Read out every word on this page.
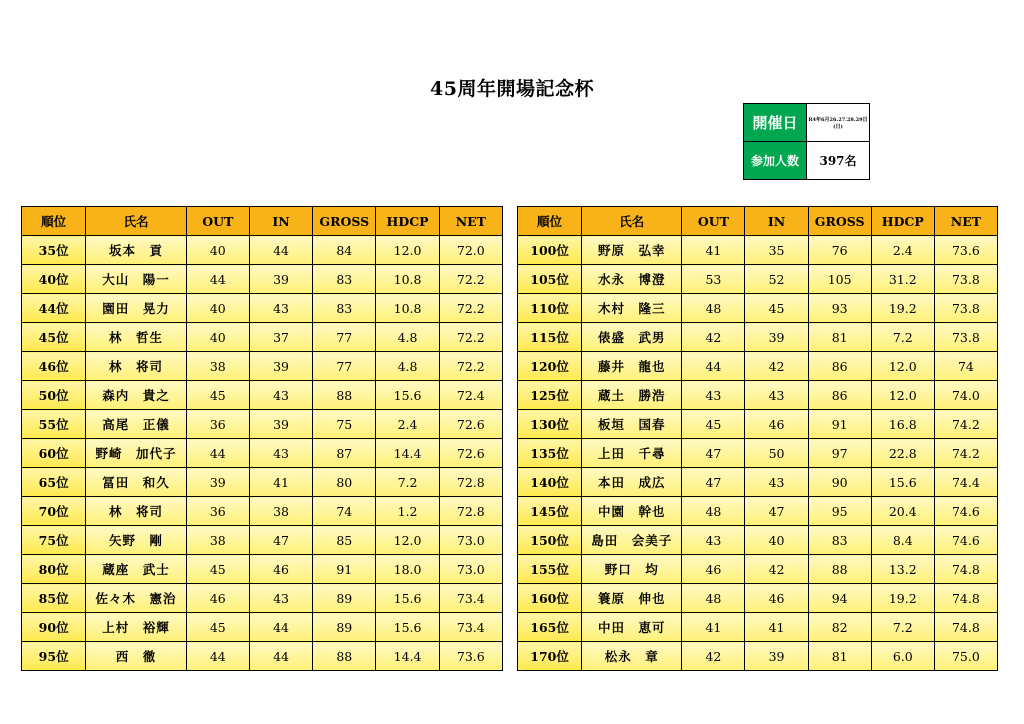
45周年開場記念杯
開催日	R4年6月26.27.28.29日(日)
参加人数	397名
順位	氏名	OUT	IN	GROSS	HDCP	NET
35位	坂本　貢	40	44	84	12.0	72.0
40位	大山　陽一	44	39	83	10.8	72.2
44位	園田　晃力	40	43	83	10.8	72.2
45位	林　哲生	40	37	77	4.8	72.2
46位	林　将司	38	39	77	4.8	72.2
50位	森内　貴之	45	43	88	15.6	72.4
55位	高尾　正儀	36	39	75	2.4	72.6
60位	野崎　加代子	44	43	87	14.4	72.6
65位	冨田　和久	39	41	80	7.2	72.8
70位	林　将司	36	38	74	1.2	72.8
75位	矢野　剛	38	47	85	12.0	73.0
80位	蔵座　武士	45	46	91	18.0	73.0
85位	佐々木　憲治	46	43	89	15.6	73.4
90位	上村　裕輝	45	44	89	15.6	73.4
95位	西　徹	44	44	88	14.4	73.6
順位	氏名	OUT	IN	GROSS	HDCP	NET
100位	野原　弘幸	41	35	76	2.4	73.6
105位	水永　博澄	53	52	105	31.2	73.8
110位	木村　隆三	48	45	93	19.2	73.8
115位	俵盛　武男	42	39	81	7.2	73.8
120位	藤井　龍也	44	42	86	12.0	74
125位	蔵土　勝浩	43	43	86	12.0	74.0
130位	板垣　国春	45	46	91	16.8	74.2
135位	上田　千尋	47	50	97	22.8	74.2
140位	本田　成広	47	43	90	15.6	74.4
145位	中園　幹也	48	47	95	20.4	74.6
150位	島田　会美子	43	40	83	8.4	74.6
155位	野口　均	46	42	88	13.2	74.8
160位	簑原　伸也	48	46	94	19.2	74.8
165位	中田　恵可	41	41	82	7.2	74.8
170位	松永　章	42	39	81	6.0	75.0
